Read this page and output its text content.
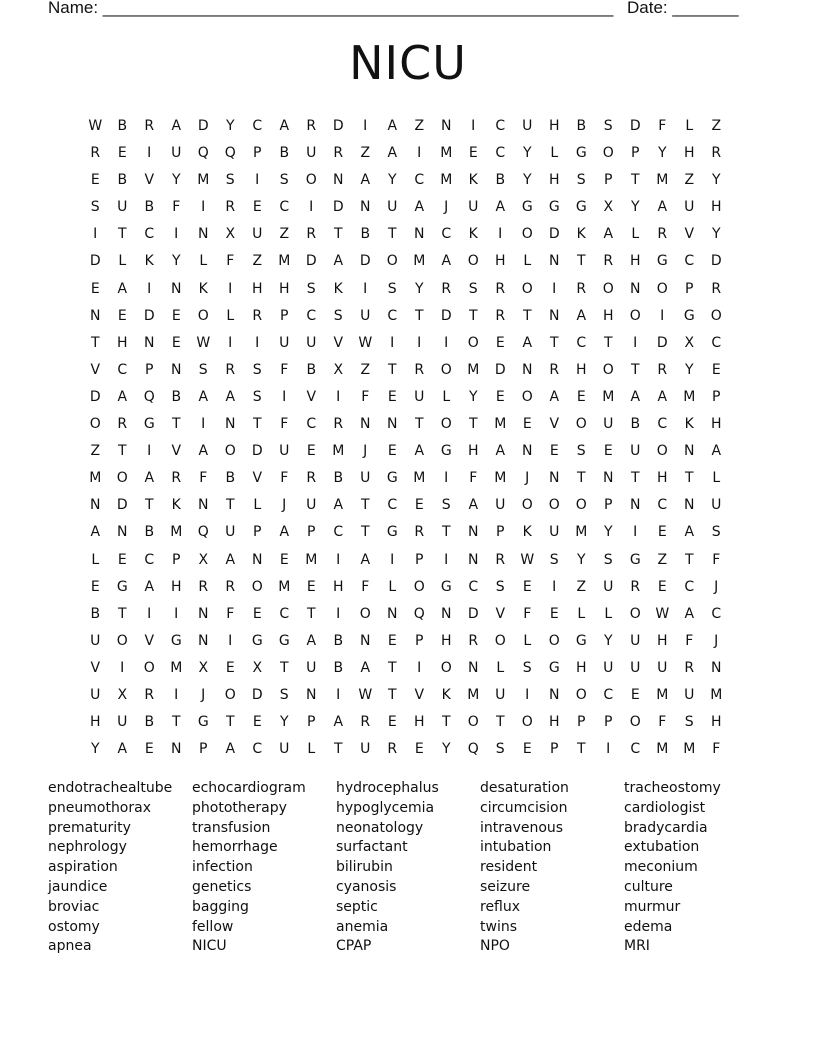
Name: ______________________________________________________ Date: _______
NICU
W	B	R	A	D	Y	C	A	R	D	I	A	Z	N	I	C	U	H	B	S	D	F	L	Z
R	E	I	U	Q	Q	P	B	U	R	Z	A	I	M	E	C	Y	L	G	O	P	Y	H	R
E	B	V	Y	M	S	I	S	O	N	A	Y	C	M	K	B	Y	H	S	P	T	M	Z	Y
S	U	B	F	I	R	E	C	I	D	N	U	A	J	U	A	G	G	G	X	Y	A	U	H
I	T	C	I	N	X	U	Z	R	T	B	T	N	C	K	I	O	D	K	A	L	R	V	Y
D	L	K	Y	L	F	Z	M	D	A	D	O	M	A	O	H	L	N	T	R	H	G	C	D
E	A	I	N	K	I	H	H	S	K	I	S	Y	R	S	R	O	I	R	O	N	O	P	R
N	E	D	E	O	L	R	P	C	S	U	C	T	D	T	R	T	N	A	H	O	I	G	O
T	H	N	E	W	I	I	U	U	V	W	I	I	I	O	E	A	T	C	T	I	D	X	C
V	C	P	N	S	R	S	F	B	X	Z	T	R	O	M	D	N	R	H	O	T	R	Y	E
D	A	Q	B	A	A	S	I	V	I	F	E	U	L	Y	E	O	A	E	M	A	A	M	P
O	R	G	T	I	N	T	F	C	R	N	N	T	O	T	M	E	V	O	U	B	C	K	H
Z	T	I	V	A	O	D	U	E	M	J	E	A	G	H	A	N	E	S	E	U	O	N	A
M	O	A	R	F	B	V	F	R	B	U	G	M	I	F	M	J	N	T	N	T	H	T	L
N	D	T	K	N	T	L	J	U	A	T	C	E	S	A	U	O	O	O	P	N	C	N	U
A	N	B	M	Q	U	P	A	P	C	T	G	R	T	N	P	K	U	M	Y	I	E	A	S
L	E	C	P	X	A	N	E	M	I	A	I	P	I	N	R	W	S	Y	S	G	Z	T	F
E	G	A	H	R	R	O	M	E	H	F	L	O	G	C	S	E	I	Z	U	R	E	C	J
B	T	I	I	N	F	E	C	T	I	O	N	Q	N	D	V	F	E	L	L	O	W	A	C
U	O	V	G	N	I	G	G	A	B	N	E	P	H	R	O	L	O	G	Y	U	H	F	J
V	I	O	M	X	E	X	T	U	B	A	T	I	O	N	L	S	G	H	U	U	U	R	N
U	X	R	I	J	O	D	S	N	I	W	T	V	K	M	U	I	N	O	C	E	M	U	M
H	U	B	T	G	T	E	Y	P	A	R	E	H	T	O	T	O	H	P	P	O	F	S	H
Y	A	E	N	P	A	C	U	L	T	U	R	E	Y	Q	S	E	P	T	I	C	M	M	F
endotrachealtube	echocardiogram	hydrocephalus	desaturation	tracheostomy
pneumothorax	phototherapy	hypoglycemia	circumcision	cardiologist
prematurity	transfusion	neonatology	intravenous	bradycardia
nephrology	hemorrhage	surfactant	intubation	extubation
aspiration	infection	bilirubin	resident	meconium
jaundice	genetics	cyanosis	seizure	culture
broviac	bagging	septic	reflux	murmur
ostomy	fellow	anemia	twins	edema
apnea	NICU	CPAP	NPO	MRI
